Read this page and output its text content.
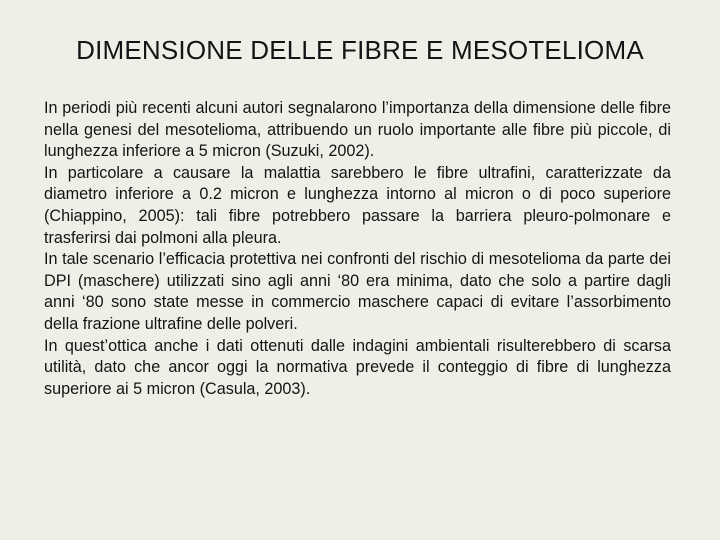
DIMENSIONE DELLE FIBRE E MESOTELIOMA

In periodi più recenti alcuni autori segnalarono l’importanza della dimensione delle fibre nella genesi del mesotelioma, attribuendo un ruolo importante alle fibre più piccole, di lunghezza inferiore a 5 micron (Suzuki, 2002).

In particolare a causare la malattia sarebbero le fibre ultrafini, caratterizzate da diametro inferiore a 0.2 micron e lunghezza intorno al micron o di poco superiore (Chiappino, 2005): tali fibre potrebbero passare la barriera pleuro-polmonare e trasferirsi dai polmoni alla pleura.

In tale scenario l’efficacia protettiva nei confronti del rischio di mesotelioma da parte dei DPI (maschere) utilizzati sino agli anni ‘80 era minima, dato che solo a partire dagli anni ‘80 sono state messe in commercio maschere capaci di evitare l’assorbimento della frazione ultrafine delle polveri.

In quest’ottica anche i dati ottenuti dalle indagini ambientali risulterebbero di scarsa utilità, dato che ancor oggi la normativa prevede il conteggio di fibre di lunghezza superiore ai 5 micron (Casula, 2003).
